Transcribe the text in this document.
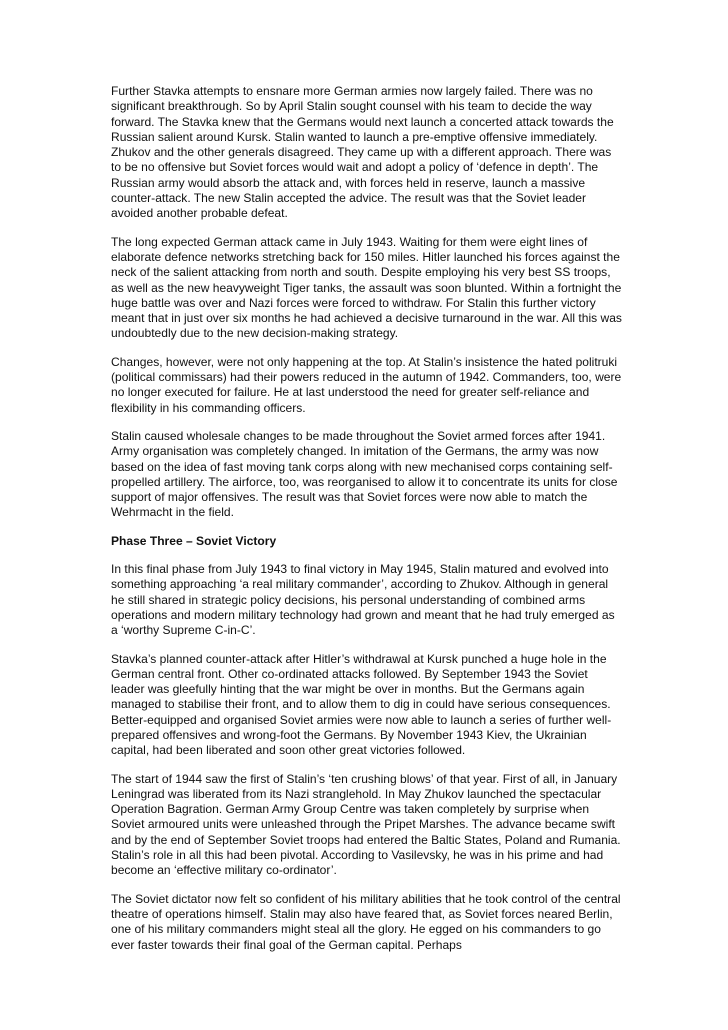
Further Stavka attempts to ensnare more German armies now largely failed. There was no significant breakthrough. So by April Stalin sought counsel with his team to decide the way forward. The Stavka knew that the Germans would next launch a concerted attack towards the Russian salient around Kursk. Stalin wanted to launch a pre-emptive offensive immediately. Zhukov and the other generals disagreed. They came up with a different approach. There was to be no offensive but Soviet forces would wait and adopt a policy of ‘defence in depth’. The Russian army would absorb the attack and, with forces held in reserve, launch a massive counter-attack. The new Stalin accepted the advice. The result was that the Soviet leader avoided another probable defeat.

The long expected German attack came in July 1943. Waiting for them were eight lines of elaborate defence networks stretching back for 150 miles. Hitler launched his forces against the neck of the salient attacking from north and south. Despite employing his very best SS troops, as well as the new heavyweight Tiger tanks, the assault was soon blunted. Within a fortnight the huge battle was over and Nazi forces were forced to withdraw. For Stalin this further victory meant that in just over six months he had achieved a decisive turnaround in the war. All this was undoubtedly due to the new decision-making strategy.

Changes, however, were not only happening at the top. At Stalin’s insistence the hated politruki (political commissars) had their powers reduced in the autumn of 1942. Commanders, too, were no longer executed for failure. He at last understood the need for greater self-reliance and flexibility in his commanding officers.

Stalin caused wholesale changes to be made throughout the Soviet armed forces after 1941. Army organisation was completely changed. In imitation of the Germans, the army was now based on the idea of fast moving tank corps along with new mechanised corps containing self-propelled artillery. The airforce, too, was reorganised to allow it to concentrate its units for close support of major offensives. The result was that Soviet forces were now able to match the Wehrmacht in the field.

Phase Three – Soviet Victory

In this final phase from July 1943 to final victory in May 1945, Stalin matured and evolved into something approaching ‘a real military commander’, according to Zhukov. Although in general he still shared in strategic policy decisions, his personal understanding of combined arms operations and modern military technology had grown and meant that he had truly emerged as a ‘worthy Supreme C-in-C’.

Stavka’s planned counter-attack after Hitler’s withdrawal at Kursk punched a huge hole in the German central front. Other co-ordinated attacks followed. By September 1943 the Soviet leader was gleefully hinting that the war might be over in months. But the Germans again managed to stabilise their front, and to allow them to dig in could have serious consequences. Better-equipped and organised Soviet armies were now able to launch a series of further well-prepared offensives and wrong-foot the Germans. By November 1943 Kiev, the Ukrainian capital, had been liberated and soon other great victories followed.

The start of 1944 saw the first of Stalin’s ‘ten crushing blows’ of that year. First of all, in January Leningrad was liberated from its Nazi stranglehold. In May Zhukov launched the spectacular Operation Bagration. German Army Group Centre was taken completely by surprise when Soviet armoured units were unleashed through the Pripet Marshes. The advance became swift and by the end of September Soviet troops had entered the Baltic States, Poland and Rumania. Stalin’s role in all this had been pivotal. According to Vasilevsky, he was in his prime and had become an ‘effective military co-ordinator’.

The Soviet dictator now felt so confident of his military abilities that he took control of the central theatre of operations himself. Stalin may also have feared that, as Soviet forces neared Berlin, one of his military commanders might steal all the glory. He egged on his commanders to go ever faster towards their final goal of the German capital. Perhaps
